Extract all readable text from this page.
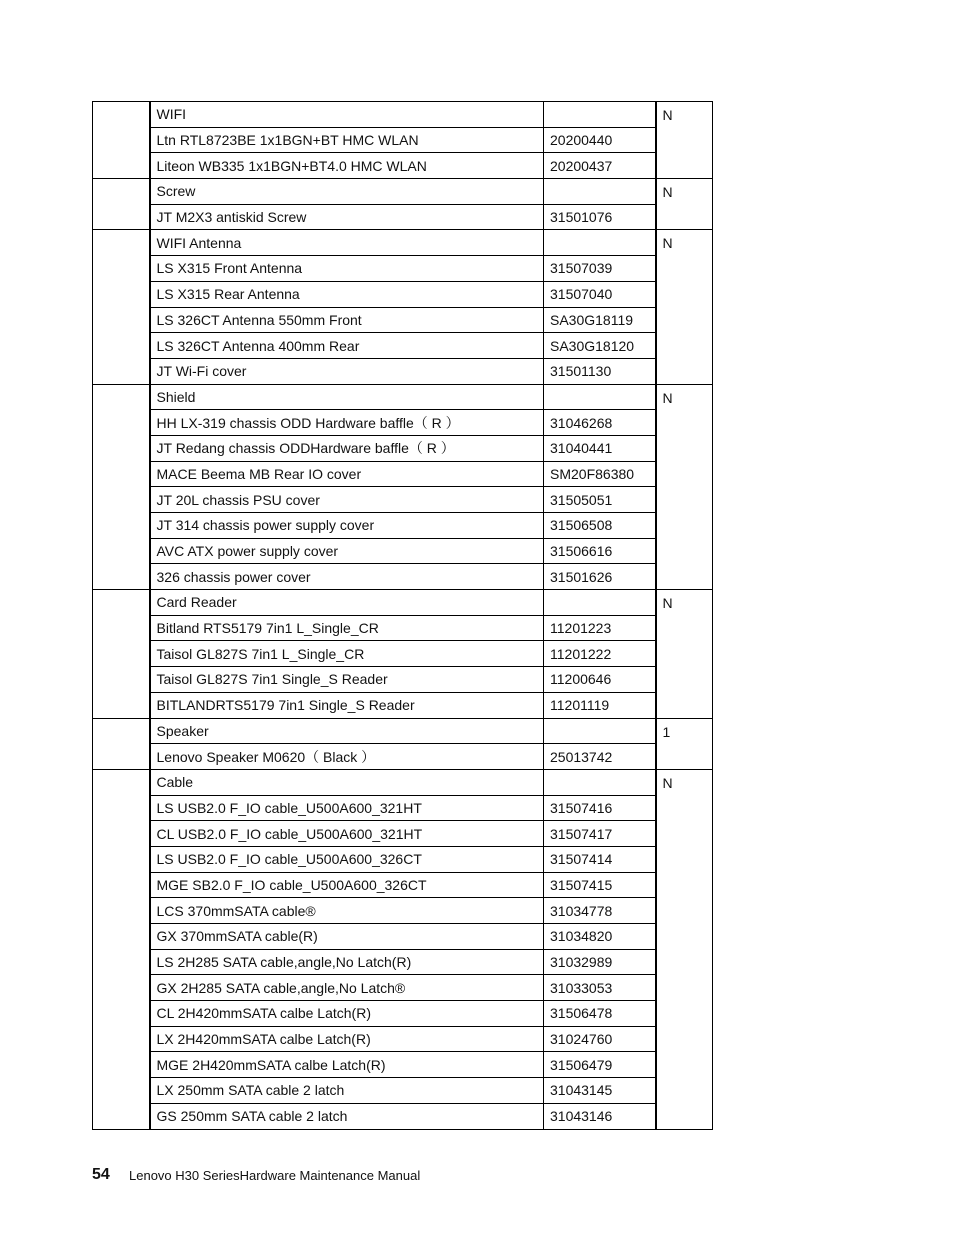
	WIFI		N
	Ltn RTL8723BE 1x1BGN+BT HMC WLAN	20200440	
	Liteon WB335 1x1BGN+BT4.0 HMC WLAN	20200437	
	Screw		N
	JT M2X3 antiskid Screw	31501076	
	WIFI Antenna		N
	LS X315 Front Antenna	31507039	
	LS X315 Rear Antenna	31507040	
	LS 326CT Antenna 550mm Front	SA30G18119	
	LS 326CT Antenna 400mm Rear	SA30G18120	
	JT Wi-Fi cover	31501130	
	Shield		N
	HH LX-319 chassis ODD Hardware baffle（ R ）	31046268	
	JT Redang chassis ODDHardware baffle（ R ）	31040441	
	MACE Beema MB Rear IO cover	SM20F86380	
	JT 20L chassis PSU cover	31505051	
	JT 314 chassis power supply cover	31506508	
	AVC ATX power supply cover	31506616	
	326 chassis power cover	31501626	
	Card Reader		N
	Bitland RTS5179 7in1 L_Single_CR	11201223	
	Taisol GL827S 7in1 L_Single_CR	11201222	
	Taisol GL827S 7in1 Single_S Reader	11200646	
	BITLANDRTS5179 7in1 Single_S Reader	11201119	
	Speaker		1
	Lenovo Speaker M0620（ Black ）	25013742	
	Cable		N
	LS USB2.0 F_IO cable_U500A600_321HT	31507416	
	CL USB2.0 F_IO cable_U500A600_321HT	31507417	
	LS USB2.0 F_IO cable_U500A600_326CT	31507414	
	MGE SB2.0 F_IO cable_U500A600_326CT	31507415	
	LCS 370mmSATA cable®	31034778	
	GX 370mmSATA cable(R)	31034820	
	LS 2H285 SATA cable,angle,No Latch(R)	31032989	
	GX 2H285 SATA cable,angle,No Latch®	31033053	
	CL 2H420mmSATA calbe Latch(R)	31506478	
	LX 2H420mmSATA calbe Latch(R)	31024760	
	MGE 2H420mmSATA calbe Latch(R)	31506479	
	LX 250mm SATA cable 2 latch	31043145	
	GS 250mm SATA cable 2 latch	31043146	
54 Lenovo H30 SeriesHardware Maintenance Manual
